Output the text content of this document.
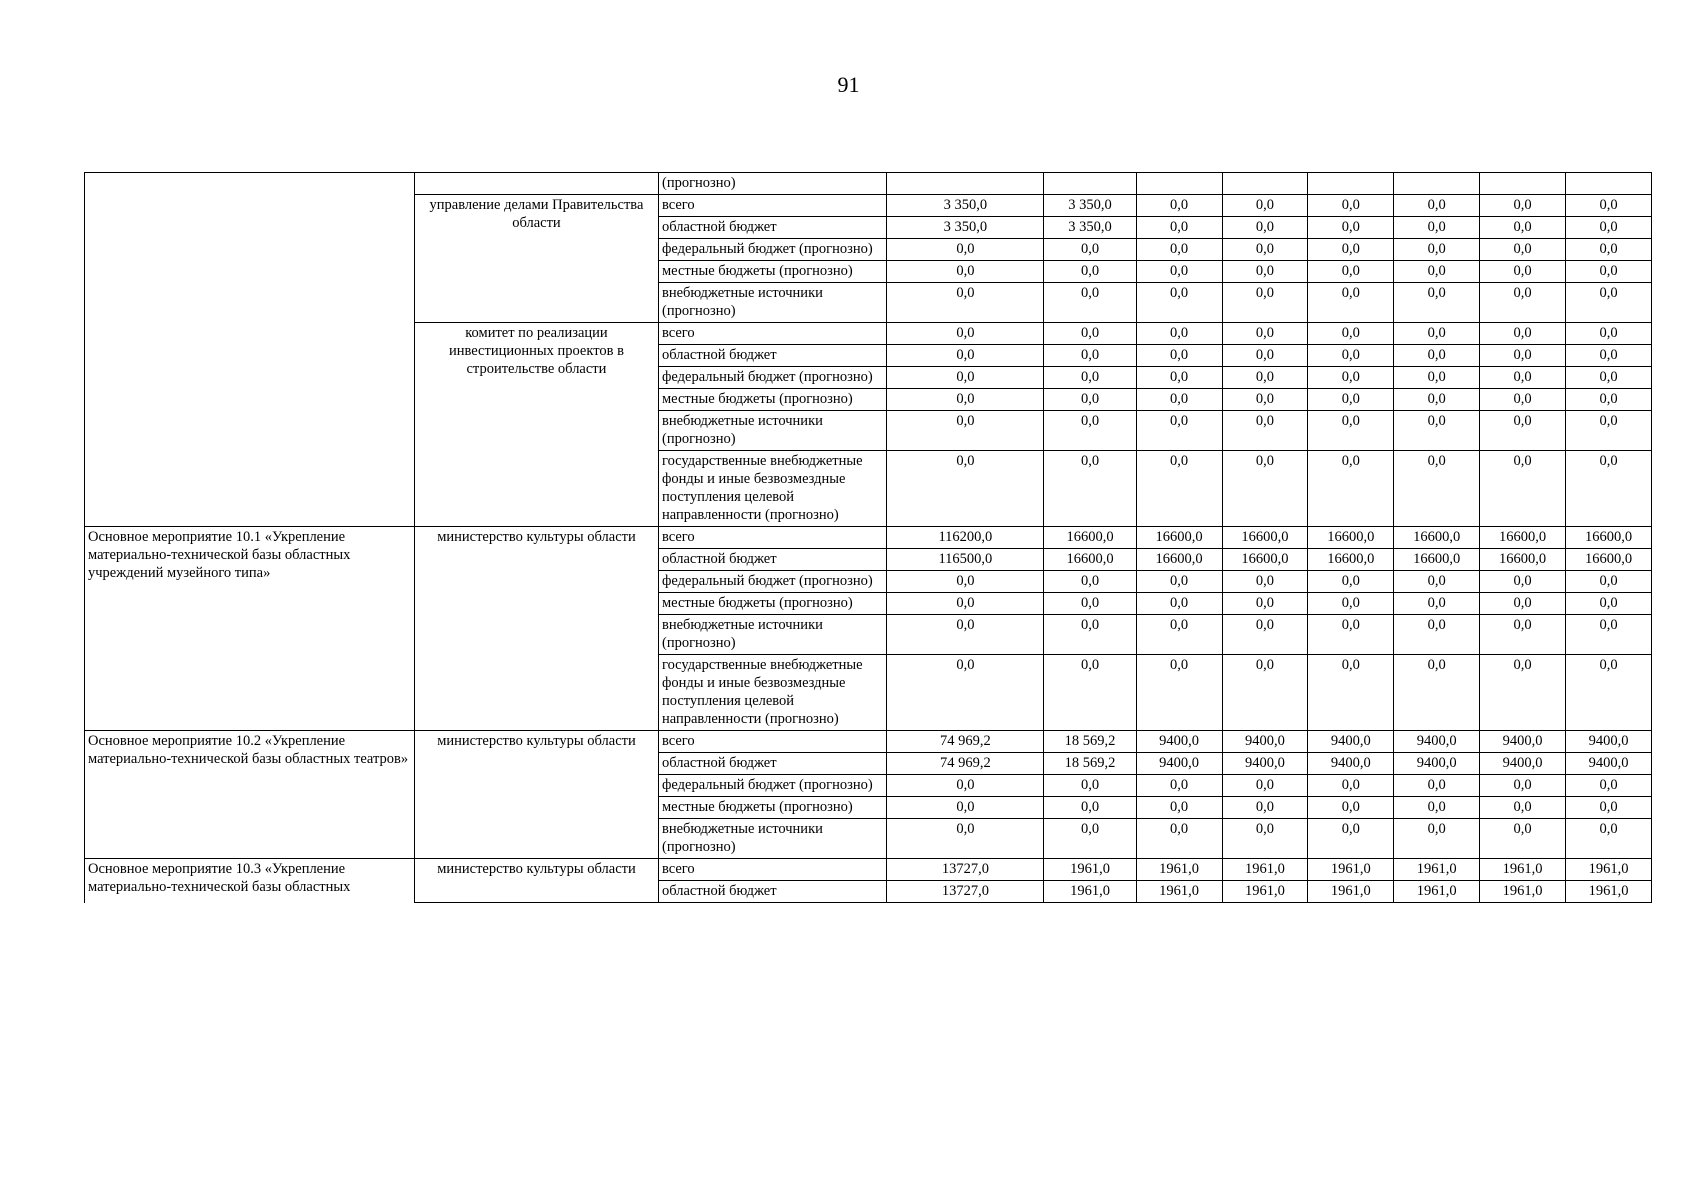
91
		(прогнозно)								
	управление делами Правительства области	всего	3 350,0	3 350,0	0,0	0,0	0,0	0,0	0,0	0,0
		областной бюджет	3 350,0	3 350,0	0,0	0,0	0,0	0,0	0,0	0,0
		федеральный бюджет (прогнозно)	0,0	0,0	0,0	0,0	0,0	0,0	0,0	0,0
		местные бюджеты (прогнозно)	0,0	0,0	0,0	0,0	0,0	0,0	0,0	0,0
		внебюджетные источники (прогнозно)	0,0	0,0	0,0	0,0	0,0	0,0	0,0	0,0
	комитет по реализации инвестиционных проектов в строительстве области	всего	0,0	0,0	0,0	0,0	0,0	0,0	0,0	0,0
		областной бюджет	0,0	0,0	0,0	0,0	0,0	0,0	0,0	0,0
		федеральный бюджет (прогнозно)	0,0	0,0	0,0	0,0	0,0	0,0	0,0	0,0
		местные бюджеты (прогнозно)	0,0	0,0	0,0	0,0	0,0	0,0	0,0	0,0
		внебюджетные источники (прогнозно)	0,0	0,0	0,0	0,0	0,0	0,0	0,0	0,0
		государственные внебюджетные фонды и иные безвозмездные поступления целевой направленности (прогнозно)	0,0	0,0	0,0	0,0	0,0	0,0	0,0	0,0
Основное мероприятие 10.1 «Укрепление материально-технической базы областных учреждений музейного типа»	министерство культуры области	всего	116200,0	16600,0	16600,0	16600,0	16600,0	16600,0	16600,0	16600,0
		областной бюджет	116500,0	16600,0	16600,0	16600,0	16600,0	16600,0	16600,0	16600,0
		федеральный бюджет (прогнозно)	0,0	0,0	0,0	0,0	0,0	0,0	0,0	0,0
		местные бюджеты (прогнозно)	0,0	0,0	0,0	0,0	0,0	0,0	0,0	0,0
		внебюджетные источники (прогнозно)	0,0	0,0	0,0	0,0	0,0	0,0	0,0	0,0
		государственные внебюджетные фонды и иные безвозмездные поступления целевой направленности (прогнозно)	0,0	0,0	0,0	0,0	0,0	0,0	0,0	0,0
Основное мероприятие 10.2 «Укрепление материально-технической базы областных театров»	министерство культуры области	всего	74 969,2	18 569,2	9400,0	9400,0	9400,0	9400,0	9400,0	9400,0
		областной бюджет	74 969,2	18 569,2	9400,0	9400,0	9400,0	9400,0	9400,0	9400,0
		федеральный бюджет (прогнозно)	0,0	0,0	0,0	0,0	0,0	0,0	0,0	0,0
		местные бюджеты (прогнозно)	0,0	0,0	0,0	0,0	0,0	0,0	0,0	0,0
		внебюджетные источники (прогнозно)	0,0	0,0	0,0	0,0	0,0	0,0	0,0	0,0
Основное мероприятие 10.3 «Укрепление материально-технической базы областных	министерство культуры области	всего	13727,0	1961,0	1961,0	1961,0	1961,0	1961,0	1961,0	1961,0
		областной бюджет	13727,0	1961,0	1961,0	1961,0	1961,0	1961,0	1961,0	1961,0
